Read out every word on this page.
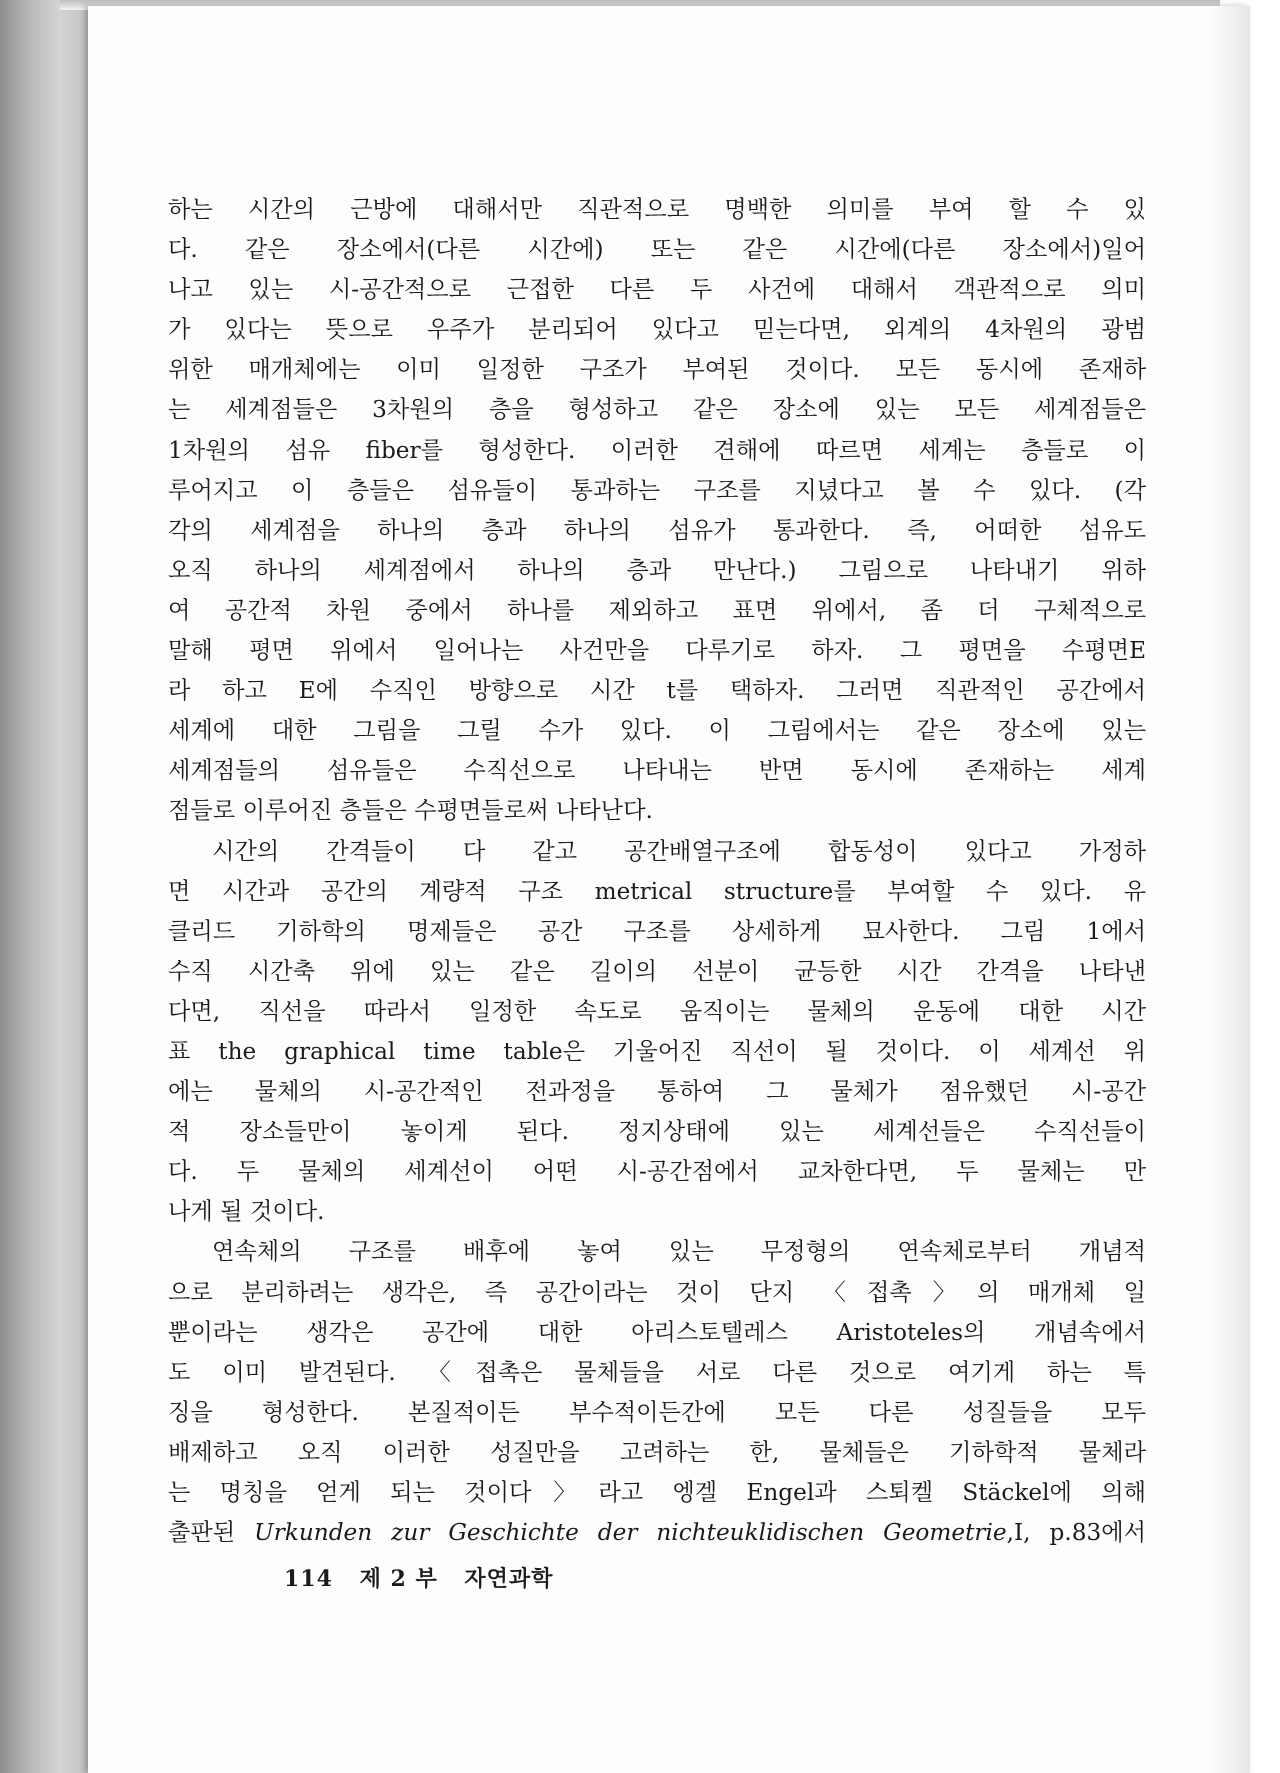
하는 시간의 근방에 대해서만 직관적으로 명백한 의미를 부여 할 수 있
다. 같은 장소에서(다른 시간에) 또는 같은 시간에(다른 장소에서)일어
나고 있는 시-공간적으로 근접한 다른 두 사건에 대해서 객관적으로 의미
가 있다는 뜻으로 우주가 분리되어 있다고 믿는다면, 외계의 4차원의 광범
위한 매개체에는 이미 일정한 구조가 부여된 것이다. 모든 동시에 존재하
는 세계점들은 3차원의 층을 형성하고 같은 장소에 있는 모든 세계점들은
1차원의 섬유 fiber를 형성한다. 이러한 견해에 따르면 세계는 층들로 이
루어지고 이 층들은 섬유들이 통과하는 구조를 지녔다고 볼 수 있다. (각
각의 세계점을 하나의 층과 하나의 섬유가 통과한다. 즉, 어떠한 섬유도
오직 하나의 세계점에서 하나의 층과 만난다.) 그림으로 나타내기 위하
여 공간적 차원 중에서 하나를 제외하고 표면 위에서, 좀 더 구체적으로
말해 평면 위에서 일어나는 사건만을 다루기로 하자. 그 평면을 수평면E
라 하고 E에 수직인 방향으로 시간 t를 택하자. 그러면 직관적인 공간에서
세계에 대한 그림을 그릴 수가 있다. 이 그림에서는 같은 장소에 있는
세계점들의 섬유들은 수직선으로 나타내는 반면 동시에 존재하는 세계
점들로 이루어진 층들은 수평면들로써 나타난다.
시간의 간격들이 다 같고 공간배열구조에 합동성이 있다고 가정하
면 시간과 공간의 계량적 구조 metrical structure를 부여할 수 있다. 유
클리드 기하학의 명제들은 공간 구조를 상세하게 묘사한다. 그림 1에서
수직 시간축 위에 있는 같은 길이의 선분이 균등한 시간 간격을 나타낸
다면, 직선을 따라서 일정한 속도로 움직이는 물체의 운동에 대한 시간
표 the graphical time table은 기울어진 직선이 될 것이다. 이 세계선 위
에는 물체의 시-공간적인 전과정을 통하여 그 물체가 점유했던 시-공간
적 장소들만이 놓이게 된다. 정지상태에 있는 세계선들은 수직선들이
다. 두 물체의 세계선이 어떤 시-공간점에서 교차한다면, 두 물체는 만
나게 될 것이다.
연속체의 구조를 배후에 놓여 있는 무정형의 연속체로부터 개념적
으로 분리하려는 생각은, 즉 공간이라는 것이 단지 〈접촉〉의 매개체 일
뿐이라는 생각은 공간에 대한 아리스토텔레스 Aristoteles의 개념속에서
도 이미 발견된다. 〈접촉은 물체들을 서로 다른 것으로 여기게 하는 특
징을 형성한다. 본질적이든 부수적이든간에 모든 다른 성질들을 모두
배제하고 오직 이러한 성질만을 고려하는 한, 물체들은 기하학적 물체라
는 명칭을 얻게 되는 것이다〉라고 엥겔 Engel과 스퇴켈 Stäckel에 의해
출판된 Urkunden zur Geschichte der nichteuklidischen Geometrie,I, p.83에서
114 제 2 부 자연과학
